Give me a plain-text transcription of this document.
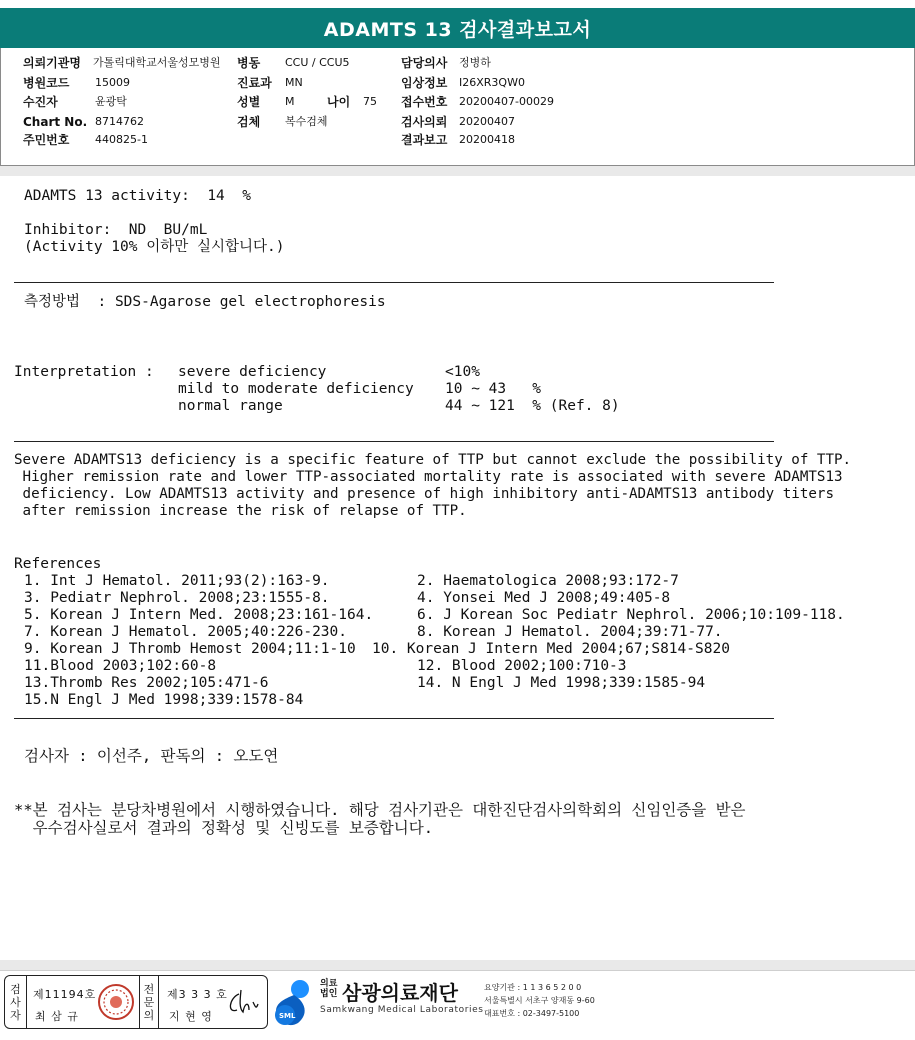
ADAMTS 13 검사결과보고서
의뢰기관명 가톨릭대학교서울성모병원
병원코드 15009
수진자	윤광탁
Chart No. 8714762
주민번호 440825-1
병동 CCU / CCU5
진료과 MN
성별 M	나이 75
검체 복수검체
담당의사 정병하
임상정보 I26XR3QW0
접수번호 20200407-00029
검사의뢰 20200407
결과보고 20200418
ADAMTS 13 activity:  14  %
Inhibitor:  ND  BU/mL
(Activity 10% 이하만 실시합니다.)
측정방법  : SDS-Agarose gel electrophoresis
Interpretation : severe deficiency	<10%
mild to moderate deficiency 10 ~ 43   %
normal range	44 ~ 121  % (Ref. 8)
Severe ADAMTS13 deficiency is a specific feature of TTP but cannot exclude the possibility of TTP.
Higher remission rate and lower TTP-associated mortality rate is associated with severe ADAMTS13
deficiency. Low ADAMTS13 activity and presence of high inhibitory anti-ADAMTS13 antibody titers
after remission increase the risk of relapse of TTP.
References
1. Int J Hematol. 2011;93(2):163-9.	2. Haematologica 2008;93:172-7
3. Pediatr Nephrol. 2008;23:1555-8.	4. Yonsei Med J 2008;49:405-8
5. Korean J Intern Med. 2008;23:161-164.	6. J Korean Soc Pediatr Nephrol. 2006;10:109-118.
7. Korean J Hematol. 2005;40:226-230.	8. Korean J Hematol. 2004;39:71-77.
9. Korean J Thromb Hemost 2004;11:1-10 10. Korean J Intern Med 2004;67;S814-S820
11.Blood 2003;102:60-8	12. Blood 2002;100:710-3
13.Thromb Res 2002;105:471-6	14. N Engl J Med 1998;339:1585-94
15.N Engl J Med 1998;339:1578-84
검사자 : 이선주, 판독의 : 오도연
**본 검사는 분당차병원에서 시행하였습니다. 해당 검사기관은 대한진단검사의학회의 신임인증을 받은
우수검사실로서 결과의 정확성 및 신빙도를 보증합니다.
검
사
자
제11194호
최 삼 규
전
문
의
제3 3 3 호
지 현 영	SML
의료
법인 삼광의료재단
Samkwang Medical Laboratories
요양기관 : 1 1 3 6 5 2 0 0
서울특별시 서초구 양재동 9-60
대표번호 : 02-3497-5100
